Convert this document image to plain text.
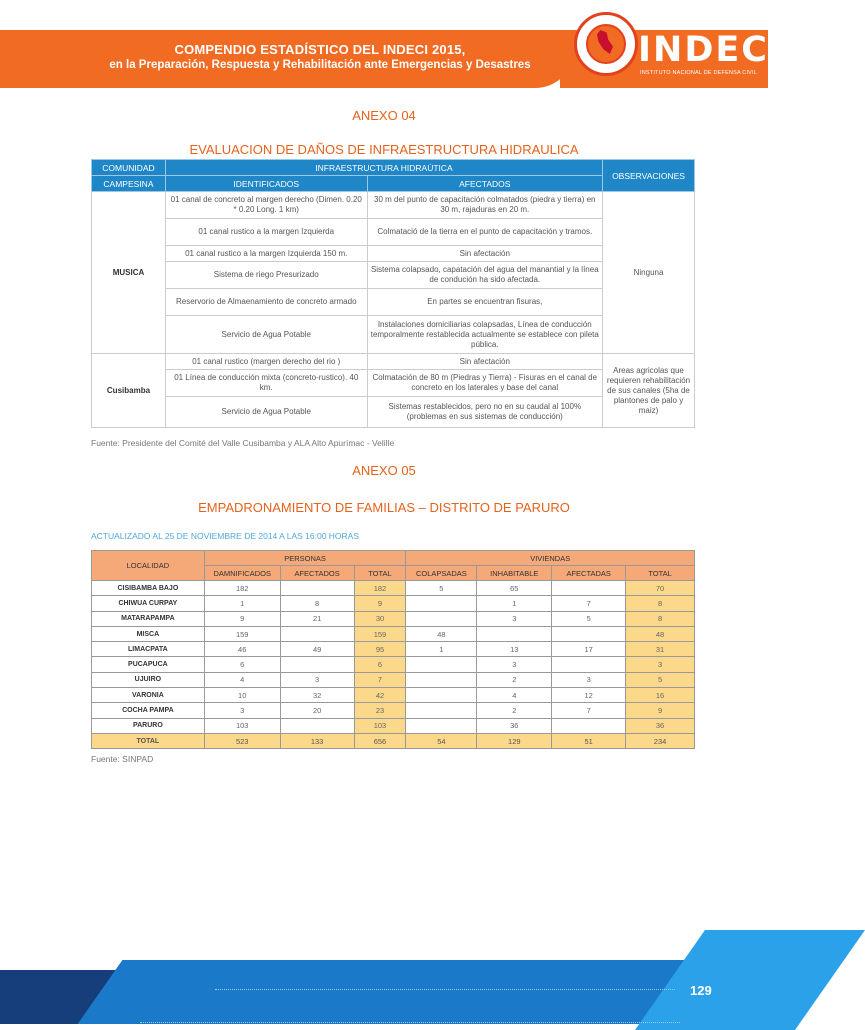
COMPENDIO ESTADÍSTICO DEL INDECI 2015,
en la Preparación, Respuesta y Rehabilitación ante Emergencias y Desastres	INDECI
INSTITUTO NACIONAL DE DEFENSA CIVIL
ANEXO 04
EVALUACION DE DAÑOS DE INFRAESTRUCTURA HIDRAULICA
COMUNIDAD	INFRAESTRUCTURA HIDRAÚTICA		OBSERVACIONES
CAMPESINA	IDENTIFICADOS	AFECTADOS	
MUSICA	01 canal de concreto al margen derecho (Dimen. 0.20 * 0.20 Long. 1 km)	30 m del punto de capacitación colmatados (piedra y tierra) en 30 m, rajaduras en 20 m.	Ninguna
	01 canal rustico a la margen Izquierda	Colmatació de la tierra en el punto de capacitación y tramos.	
	01 canal rustico a la margen Izquierda 150 m.	Sin afectación	
	Sistema de riego Presurizado	Sistema colapsado, capatación del agua del manantial y la línea de condución ha sido afectada.	
	Reservorio de Almaenamiento de concreto armado	En partes se encuentran fisuras,	
	Servicio de Agua Potable	Instalaciones domiciliarias colapsadas, Línea de conducción temporalmente restablecida actualmente se establece con pileta pública.	
Cusibamba	01 canal rustico (margen derecho del rio )	Sin afectación	Areas agricolas que requieren rehabilitación de sus canales (5ha de plantones de palo y maiz)
	01 Línea de conducción mixta (concreto-rustico). 40 km.	Colmatación de 80 m (Piedras y Tierra) - Fisuras en el canal de concreto en los laterales y base del canal	
	Servicio de Agua Potable	Sistemas restablecidos, pero no en su caudal al 100% (problemas en sus sistemas de conducción)	
Fuente: Presidente del Comité del Valle Cusibamba y ALA Alto Apurímac - Velille
ANEXO 05
EMPADRONAMIENTO DE FAMILIAS – DISTRITO DE PARURO
ACTUALIZADO AL 25 DE NOVIEMBRE DE 2014 A LAS 16:00 HORAS
LOCALIDAD	PERSONAS			VIVIENDAS			
	DAMNIFICADOS	AFECTADOS	TOTAL	COLAPSADAS	INHABITABLE	AFECTADAS	TOTAL
CISIBAMBA BAJO	182		182	5	65		70
CHIWUA CURPAY	1	8	9		1	7	8
MATARAPAMPA	9	21	30		3	5	8
MISCA	159		159	48			48
LIMACPATA	46	49	95	1	13	17	31
PUCAPUCA	6		6		3		3
UJUIRO	4	3	7		2	3	5
VARONIA	10	32	42		4	12	16
COCHA PAMPA	3	20	23		2	7	9
PARURO	103		103		36		36
TOTAL	523	133	656	54	129	51	234
Fuente: SINPAD
129
